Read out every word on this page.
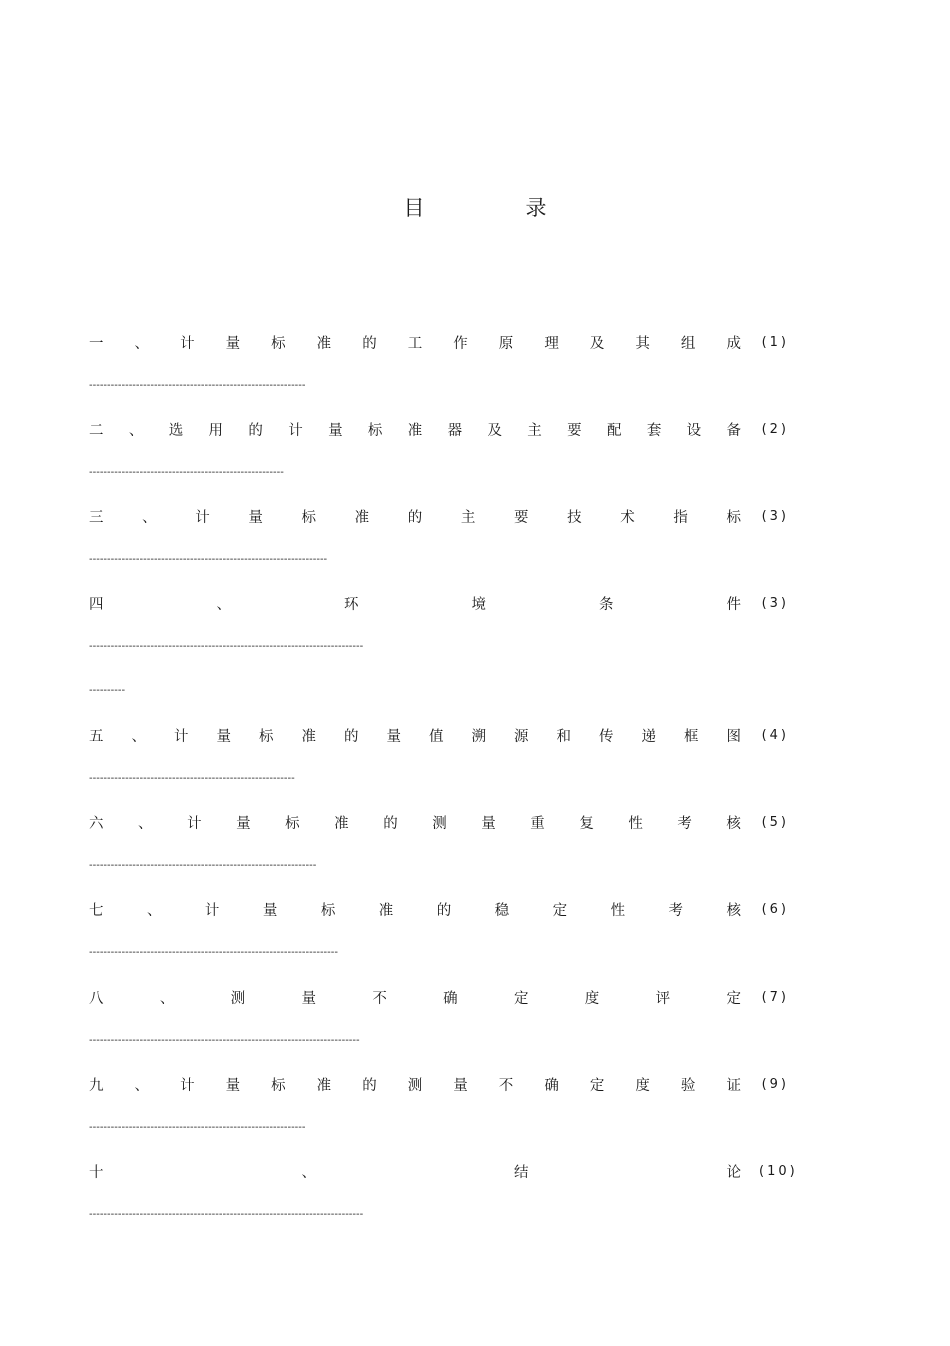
目　录
一 、 计 量 标 准 的 工 作 原 理 及 其 组 成 (1)
------------------------------------------------------------
二 、 选 用 的 计 量 标 准 器 及 主 要 配 套 设 备 (2)
------------------------------------------------------
三	、	计	量	标	准	的	主	要	技	术	指	标 (3)
------------------------------------------------------------------
四	、	环	境	条	件 (3)
----------------------------------------------------------------------------
----------
五 、 计 量 标 准 的 量 值 溯 源 和 传 递 框 图 (4)
---------------------------------------------------------
六 、 计 量 标 准 的 测 量 重 复 性 考 核 (5)
---------------------------------------------------------------
七	、	计	量	标	准	的	稳	定	性	考	核 (6)
---------------------------------------------------------------------
八	、	测	量	不	确	定	度	评	定 (7)
---------------------------------------------------------------------------
九 、 计 量 标 准 的 测 量 不 确 定 度 验 证 (9)
------------------------------------------------------------
十	、	结	论 (10)
----------------------------------------------------------------------------
